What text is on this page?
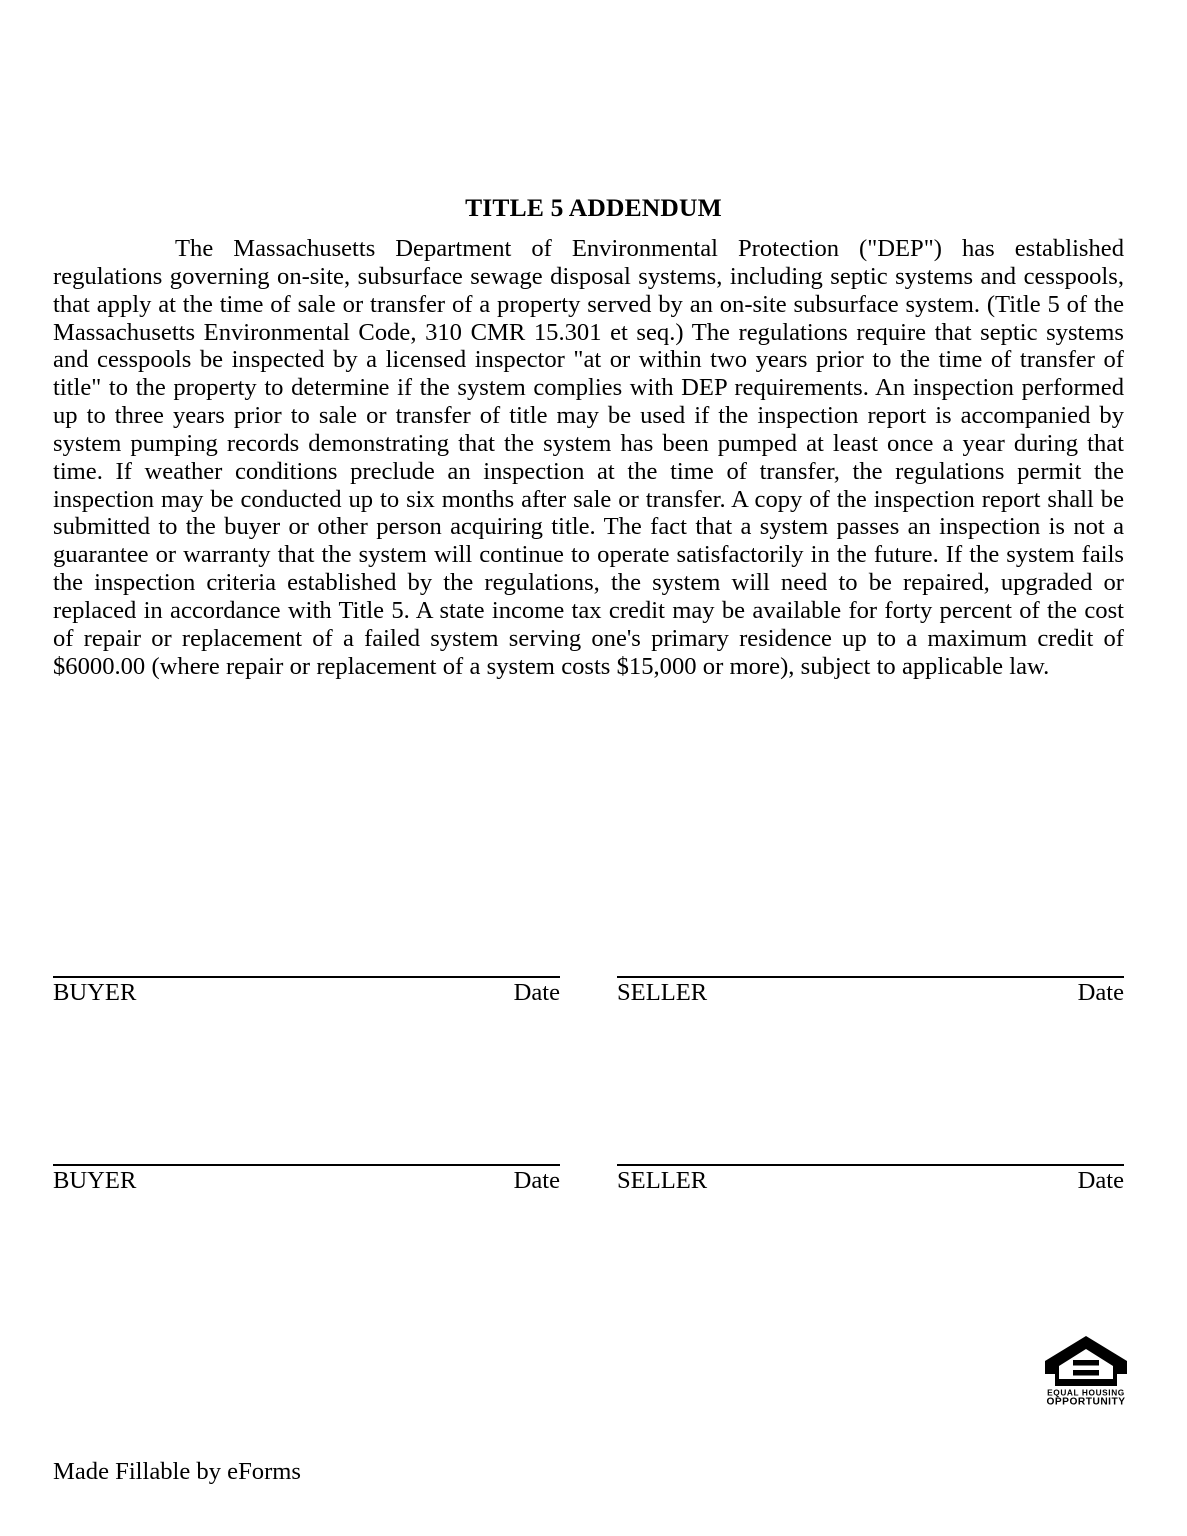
TITLE 5 ADDENDUM

The Massachusetts Department of Environmental Protection ("DEP") has established regulations governing on-site, subsurface sewage disposal systems, including septic systems and cesspools, that apply at the time of sale or transfer of a property served by an on-site subsurface system. (Title 5 of the Massachusetts Environmental Code, 310 CMR 15.301 et seq.) The regulations require that septic systems and cesspools be inspected by a licensed inspector "at or within two years prior to the time of transfer of title" to the property to determine if the system complies with DEP requirements. An inspection performed up to three years prior to sale or transfer of title may be used if the inspection report is accompanied by system pumping records demonstrating that the system has been pumped at least once a year during that time. If weather conditions preclude an inspection at the time of transfer, the regulations permit the inspection may be conducted up to six months after sale or transfer. A copy of the inspection report shall be submitted to the buyer or other person acquiring title. The fact that a system passes an inspection is not a guarantee or warranty that the system will continue to operate satisfactorily in the future. If the system fails the inspection criteria established by the regulations, the system will need to be repaired, upgraded or replaced in accordance with Title 5. A state income tax credit may be available for forty percent of the cost of repair or replacement of a failed system serving one's primary residence up to a maximum credit of $6000.00 (where repair or replacement of a system costs $15,000 or more), subject to applicable law.

BUYER	Date SELLER	Date
BUYER	Date SELLER	Date
EQUAL HOUSING
OPPORTUNITY
Made Fillable by eForms
